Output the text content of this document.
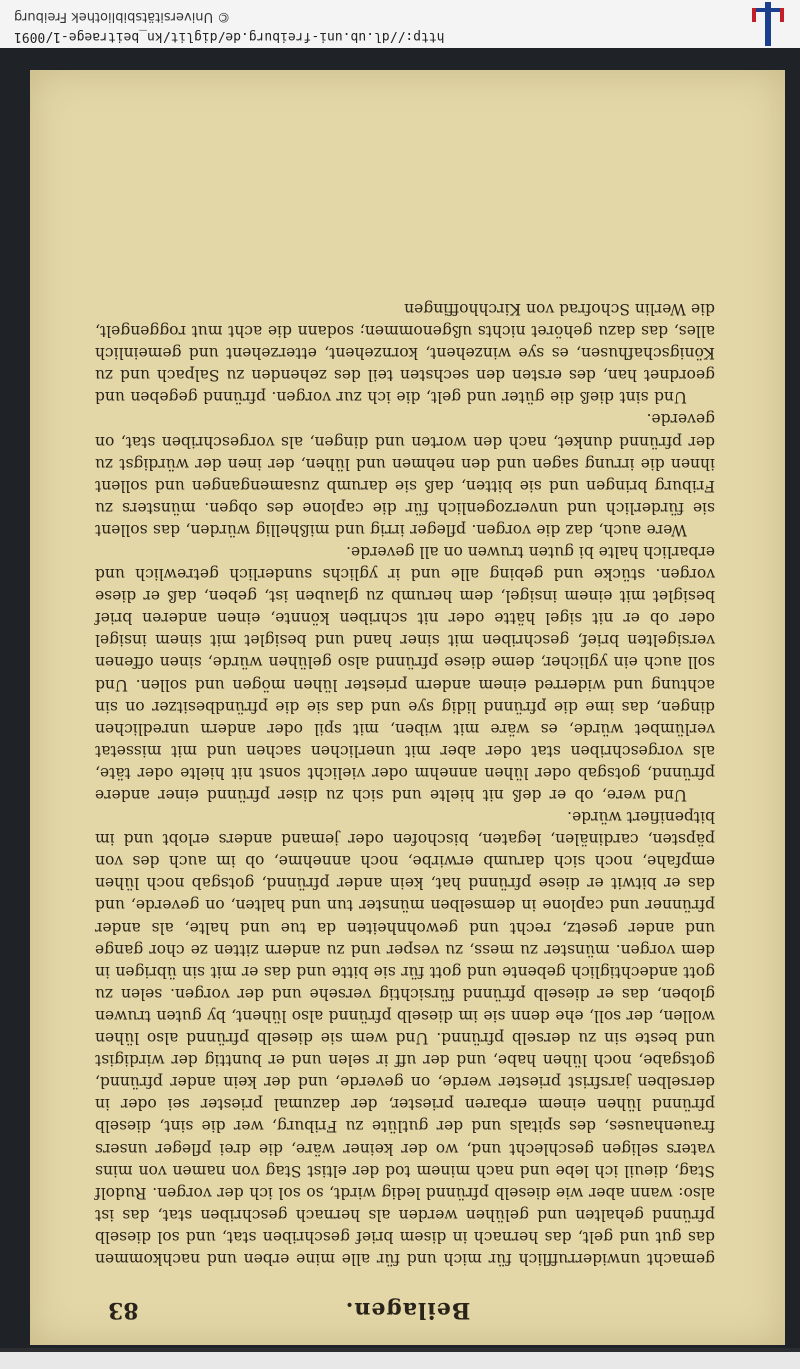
http://dl.ub.uni-freiburg.de/diglit/kn_beitraege-1/0091
© Universitätsbibliothek Freiburg
Beilagen.
83

gemacht unwiderrufflich für mich und für alle mine erben und nachkommen das gut und gelt, das hernach in disem brief geschriben stat, und sol dieselb pfrünnd gehalten und gelühen werden als hernach geschriben stat, das ist also: wann aber wie dieselb pfrünnd ledig wirdt, so sol ich der vorgen. Rudolf Stag, dieuil ich lebe und nach minem tod der eltist Stag von namen von mins vaters seligen geschlecht und, wo der keiner wäre, die drei pfleger unsers frauenhauses, des spitals und der gutlüte zu Friburg, wer die sint, dieselb pfrünnd lühen einem erbaren priester, der dazumal priester sei oder in derselben jarsfrist priester werde, on geverde, und der kein ander pfrünnd, gotsgabe, noch lühen habe, und der uff ir selen und er bunttig der wirdigist und beste sin zu derselb pfrünnd. Und wem sie dieselb pfrünnd also lühen wollen, der soll, ehe denn sie im dieselb pfrünnd also lühent, by guten truwen globen, das er dieselb pfrünnd fürsichtig versehe und der vorgen. selen zu gott andechtiglich gebente und gott für sie bitte und das er mit sin übrigen in dem vorgen. münster zu mess, zu vesper und zu andern zitten ze chor gange und ander gesetz, recht und gewohnheiten da tue und halte, als ander pfrünner und caplone in demselben münster tun und halten, on geverde, und das er bitwit er diese pfrünnd hat, kein ander pfrünnd, gotsgab noch lühen empfahe, noch sich darumb erwirbe, noch annehme, ob im auch des von päpsten, cardinälen, legaten, bischofen oder jemand anders erlobt und im bitpenifiert würde.

Und were, ob er deß nit hielte und sich zu diser pfrünnd einer andere pfrünnd, gotsgab oder lühen annehm oder vielicht sonst nit hielte oder täte, als vorgeschriben stat oder aber mit unerlichen sachen und mit missetat verlümbet würde, es wäre mit wiben, mit spil oder andern unredlichen dingen, das ime die pfrünnd lidig sye und das sie die pfründbesitzer on sin achtung und widerred einem andern priester lühen mögen und sollen. Und soll auch ein yglicher, deme diese pfrünnd also gelühen würde, sinen offenen versigelten brief, geschriben mit siner hand und besiglet mit sinem insigel oder ob er nit sigel hätte oder nit schriben könnte, einen anderen brief besiglet mit einem insigel, dem herumb zu glauben ist, geben, daß er diese vorgen. stücke und gebing alle und ir yglichs sunderlich getrewlich und erbarlich halte bi guten truwen on all geverde.

Were auch, daz die vorgen. pfleger irrig und mißhellig würden, das sollent sie fürderlich und unverzogenlich für die caplone des obgen. münsters zu Friburg bringen und sie bitten, daß sie darumb zusamengangen und sollent ihnen die irrung sagen und den nehmen und lühen, der inen der würdigst zu der pfrünnd dunket, nach den worten und dingen, als vorgeschriben stat, on geverde.

Und sint dieß die güter und gelt, die ich zur vorgen. pfrünnd gegeben und geordnet han, des ersten den sechsten teil des zehenden zu Salpach und zu Königschafhusen, es sye winzehent, kornzehent, etterzehent und gemeinlich alles, das dazu gehöret nichts ußgenommen; sodann die acht mut roggengelt, die Werlin Schofrad von Kirchhoffingen
